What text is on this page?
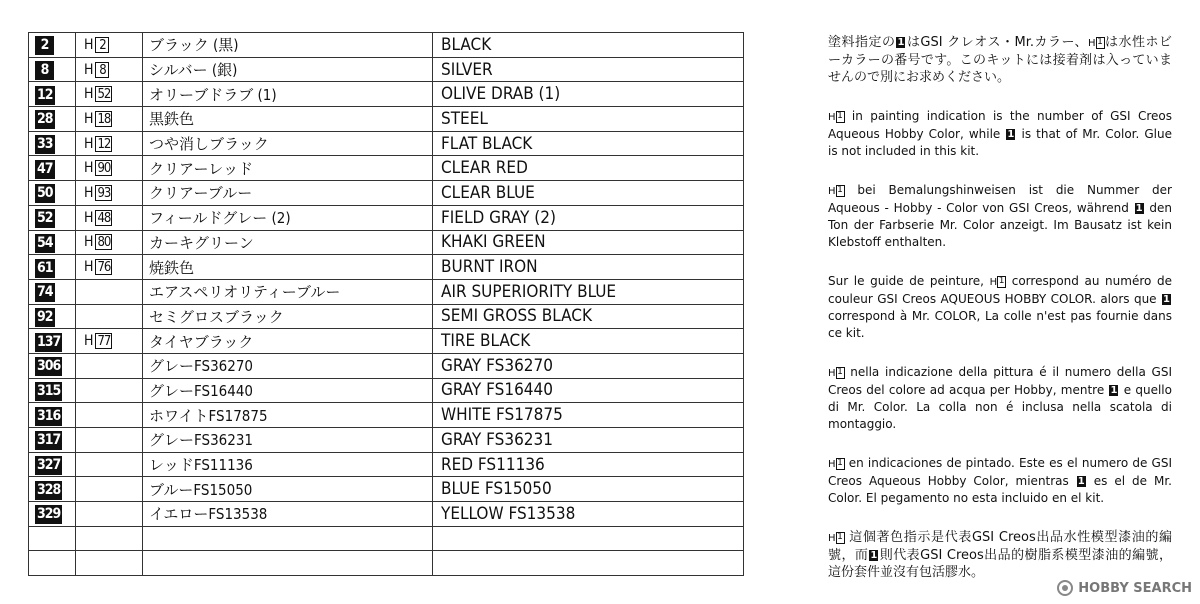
2	H 2	ブラック (黒)	BLACK
8	H 8	シルバー (銀)	SILVER
12	H 52	オリーブドラブ (1)	OLIVE DRAB (1)
28	H 18	黒鉄色	STEEL
33	H 12	つや消しブラック	FLAT BLACK
47	H 90	クリアーレッド	CLEAR RED
50	H 93	クリアーブルー	CLEAR BLUE
52	H 48	フィールドグレー (2)	FIELD GRAY (2)
54	H 80	カーキグリーン	KHAKI GREEN
61	H 76	焼鉄色	BURNT IRON
74		エアスペリオリティーブルー	AIR SUPERIORITY BLUE
92		セミグロスブラック	SEMI GROSS BLACK
137	H 77	タイヤブラック	TIRE BLACK
306		グレーFS36270	GRAY FS36270
315		グレーFS16440	GRAY FS16440
316		ホワイトFS17875	WHITE FS17875
317		グレーFS36231	GRAY FS36231
327		レッドFS11136	RED FS11136
328		ブルーFS15050	BLUE FS15050
329		イエローFS13538	YELLOW FS13538

塗料指定の 1 はGSI クレオス・Mr.カラー、H 1 は水性ホビーカラーの番号です。このキットには接着剤は入っていませんので別にお求めください。

H 1 in painting indication is the number of GSI Creos Aqueous Hobby Color, while 1 is that of Mr. Color. Glue is not included in this kit.

H 1 bei Bemalungshinweisen ist die Nummer der Aqueous - Hobby - Color von GSI Creos, während 1 den Ton der Farbserie Mr. Color anzeigt. Im Bausatz ist kein Klebstoff enthalten.

Sur le guide de peinture, H 1 correspond au numéro de couleur GSI Creos AQUEOUS HOBBY COLOR. alors que 1 correspond à Mr. COLOR, La colle n'est pas fournie dans ce kit.

H 1 nella indicazione della pittura é il numero della GSI Creos del colore ad acqua per Hobby, mentre 1 e quello di Mr. Color. La colla non é inclusa nella scatola di montaggio.

H 1 en indicaciones de pintado. Este es el numero de GSI Creos Aqueous Hobby Color, mientras 1 es el de Mr. Color. El pegamento no esta incluido en el kit.

H 1 這個著色指示是代表GSI Creos出品水性模型漆油的編號，而 1 則代表GSI Creos出品的樹脂系模型漆油的編號，這份套件並沒有包活膠水。

HOBBY SEARCH
